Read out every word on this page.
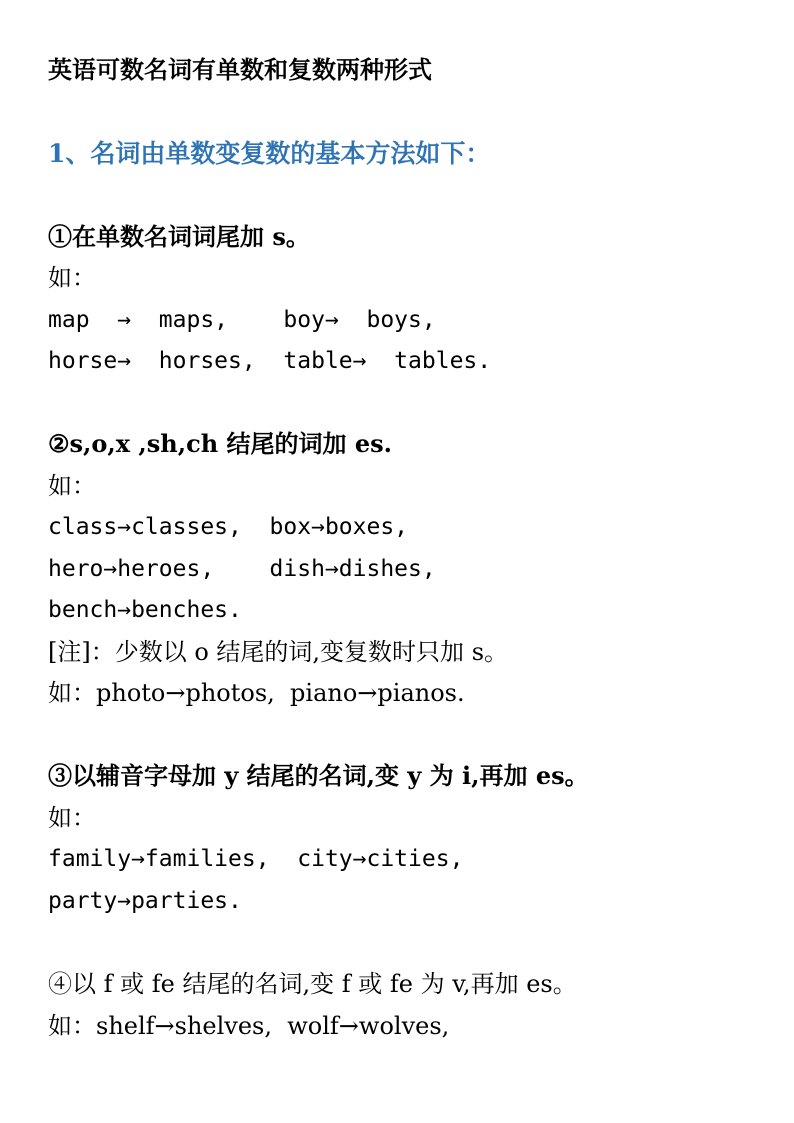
英语可数名词有单数和复数两种形式
1、名词由单数变复数的基本方法如下：
①在单数名词词尾加 s。
如：
map  →  maps,    boy→  boys,
horse→  horses,  table→  tables.
②s,o,x ,sh,ch 结尾的词加 es.
如：
class→classes,  box→boxes,
hero→heroes,    dish→dishes,
bench→benches.
[注]：少数以 o 结尾的词,变复数时只加 s。
如：photo→photos,  piano→pianos.
③以辅音字母加 y 结尾的名词,变 y 为 i,再加 es。
如：
family→families,  city→cities,
party→parties.
④以 f 或 fe 结尾的名词,变 f 或 fe 为 v,再加 es。
如：shelf→shelves,  wolf→wolves,
